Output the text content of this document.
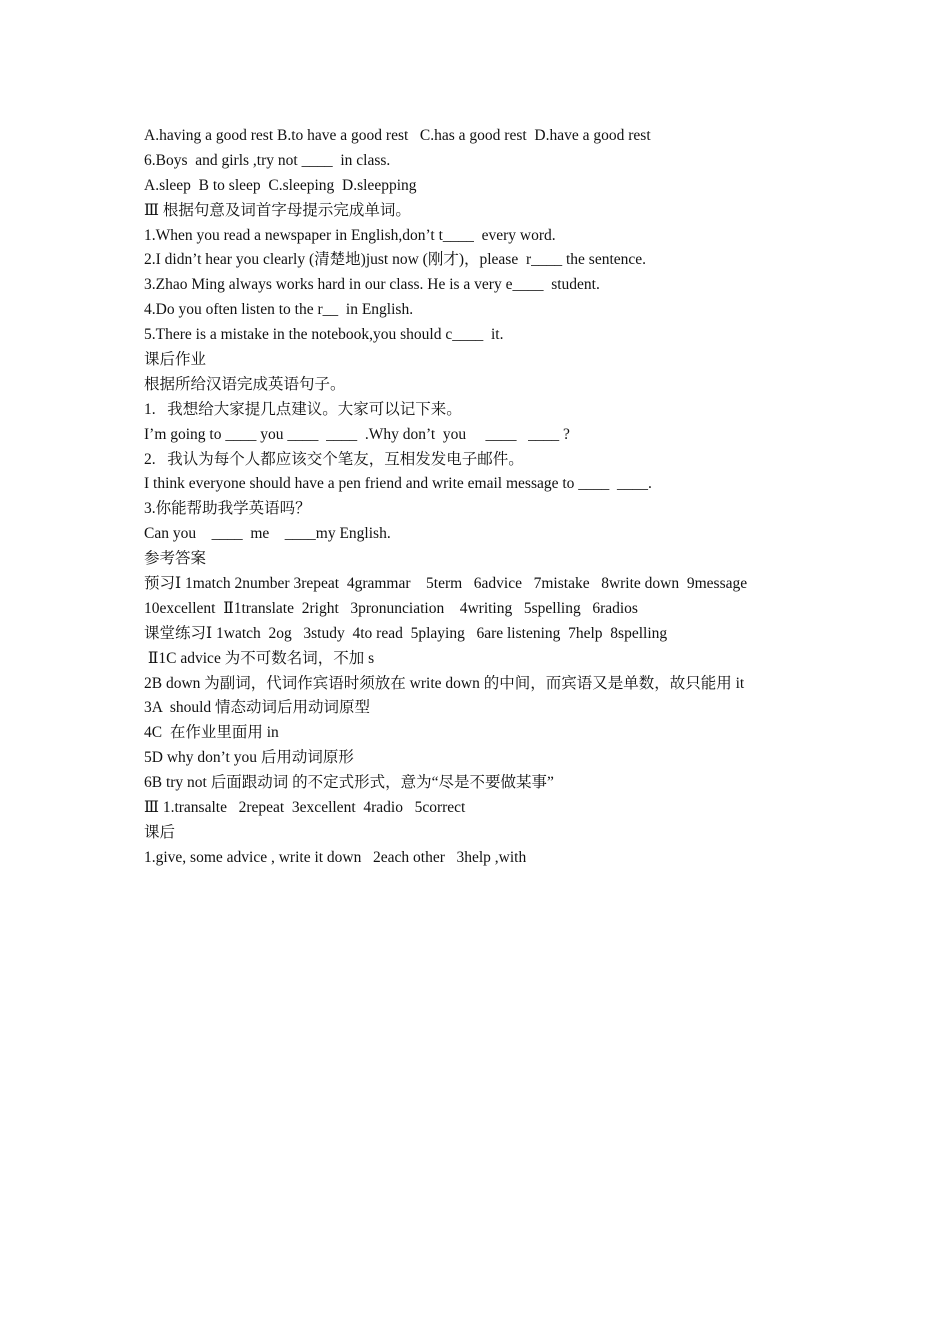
A.having a good rest B.to have a good rest   C.has a good rest  D.have a good rest

6.Boys  and girls ,try not ____  in class.

A.sleep  B to sleep  C.sleeping  D.sleepping

Ⅲ 根据句意及词首字母提示完成单词。

1.When you read a newspaper in English,don’t t____  every word.

2.I didn’t hear you clearly (清楚地)just now (刚才)，please  r____ the sentence.

3.Zhao Ming always works hard in our class. He is a very e____  student.

4.Do you often listen to the r__  in English.

5.There is a mistake in the notebook,you should c____  it.

课后作业

根据所给汉语完成英语句子。

1.   我想给大家提几点建议。大家可以记下来。

I’m going to ____ you ____  ____  .Why don’t  you     ____   ____ ?

2.   我认为每个人都应该交个笔友，互相发发电子邮件。

I think everyone should have a pen friend and write email message to ____  ____.

3.你能帮助我学英语吗？

Can you    ____  me    ____my English.

参考答案

预习Ⅰ 1match 2number 3repeat  4grammar    5term   6advice   7mistake   8write down  9message

10excellent  Ⅱ1translate  2right   3pronunciation    4writing   5spelling   6radios

课堂练习Ⅰ 1watch  2og   3study  4to read  5playing   6are listening  7help  8spelling

Ⅱ1C advice 为不可数名词，不加 s

2B down 为副词，代词作宾语时须放在 write down 的中间，而宾语又是单数，故只能用 it

3A  should 情态动词后用动词原型

4C  在作业里面用 in

5D why don’t you 后用动词原形

6B try not 后面跟动词 的不定式形式，意为“尽是不要做某事”

Ⅲ 1.transalte   2repeat  3excellent  4radio   5correct

课后

1.give, some advice , write it down   2each other   3help ,with
